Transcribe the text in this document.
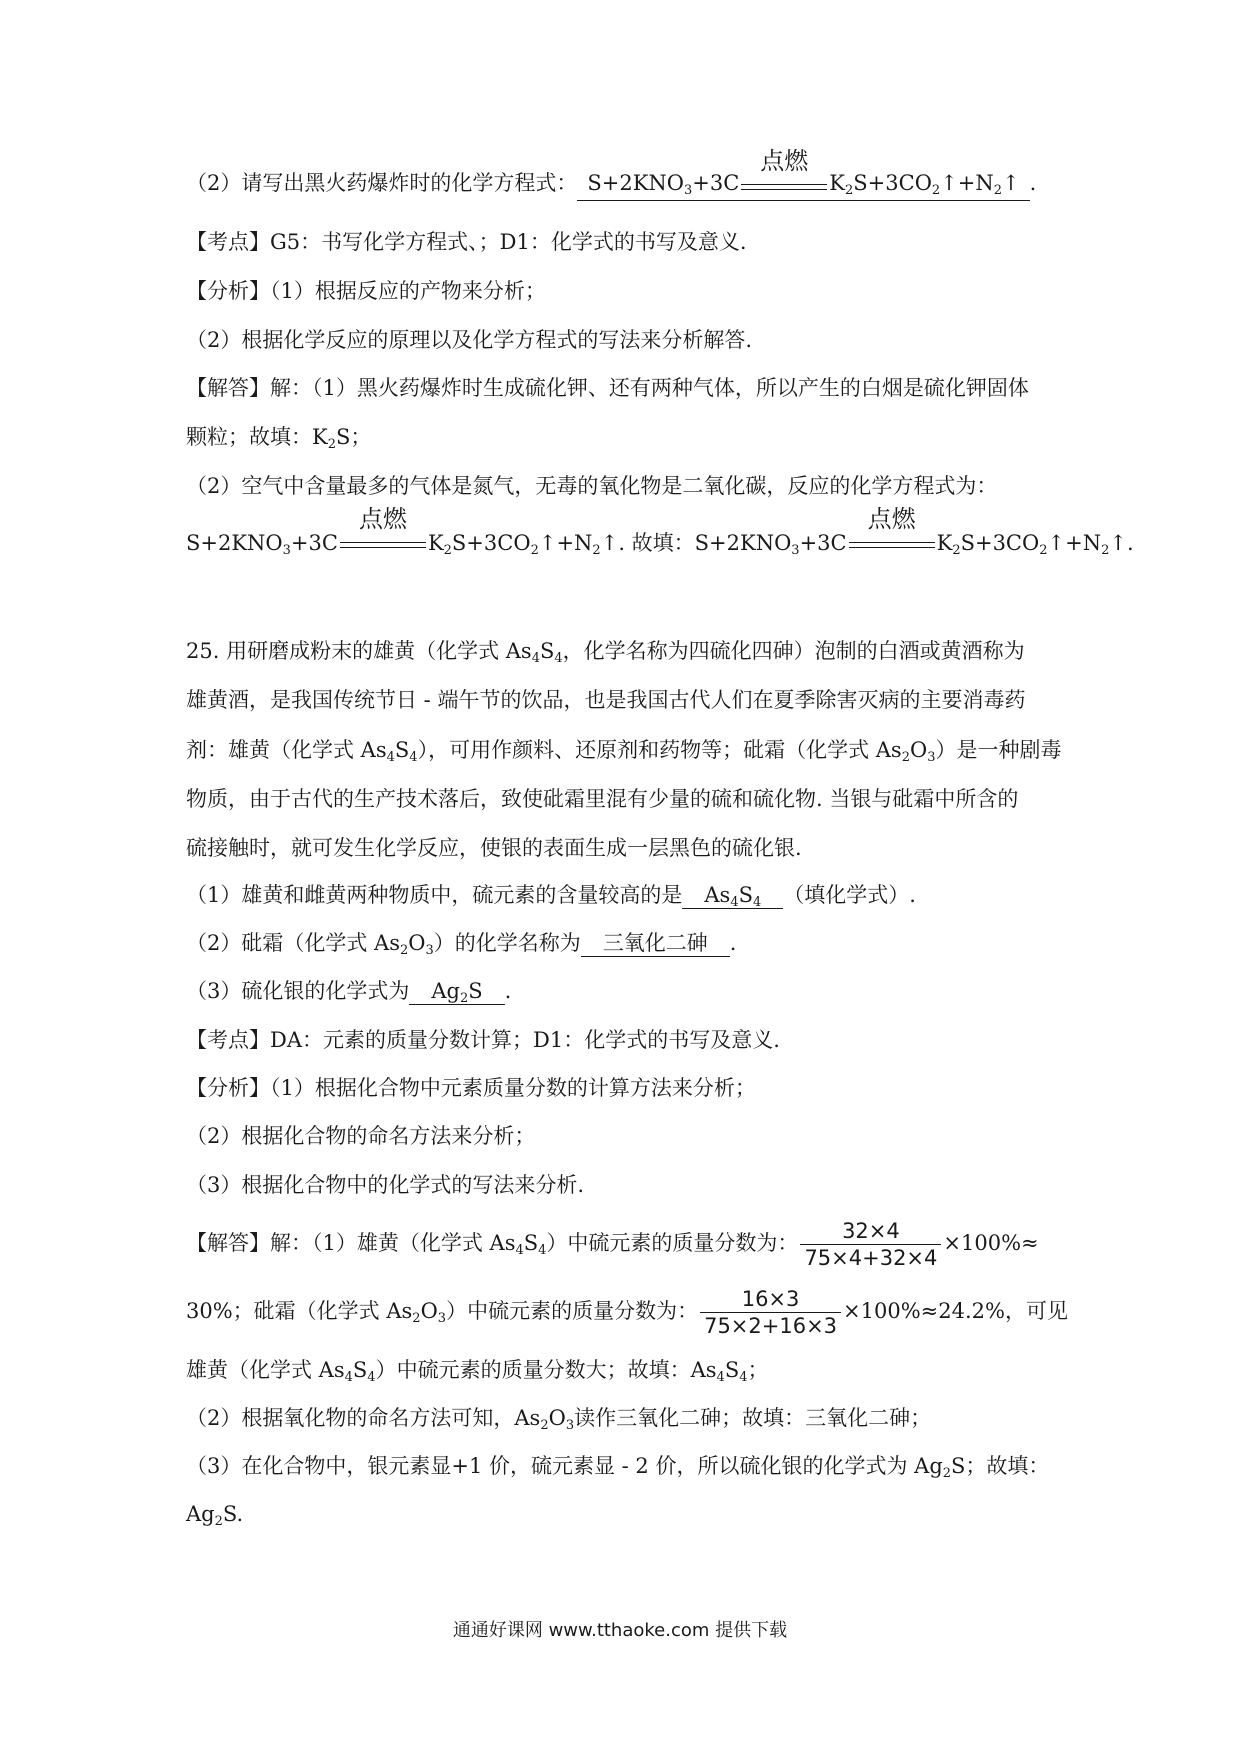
（2）请写出黑火药爆炸时的化学方程式： $S+2KNO_3+3C$
点燃
$K_2S+3CO_2↑+N_2↑$ .
【考点】G5：书写化学方程式、；D1：化学式的书写及意义.
【分析】（1）根据反应的产物来分析；
（2）根据化学反应的原理以及化学方程式的写法来分析解答.
【解答】解：（1）黑火药爆炸时生成硫化钾、还有两种气体，所以产生的白烟是硫化钾固体
颗粒；故填：$K_2S$；
（2）空气中含量最多的气体是氮气，无毒的氧化物是二氧化碳，反应的化学方程式为：
$S+2KNO_3+3C$
点燃
$K_2S+3CO_2↑+N_2↑$. 故填：$S+2KNO_3+3C$
点燃
$K_2S+3CO_2↑+N_2↑$.
25. 用研磨成粉末的雄黄（化学式 $As_4S_4$，化学名称为四硫化四砷）泡制的白酒或黄酒称为
雄黄酒，是我国传统节日 - 端午节的饮品，也是我国古代人们在夏季除害灭病的主要消毒药
剂：雄黄（化学式 $As_4S_4$），可用作颜料、还原剂和药物等；砒霜（化学式 $As_2O_3$）是一种剧毒
物质，由于古代的生产技术落后，致使砒霜里混有少量的硫和硫化物. 当银与砒霜中所含的
硫接触时，就可发生化学反应，使银的表面生成一层黑色的硫化银.
（1）雄黄和雌黄两种物质中，硫元素的含量较高的是 $As_4S_4$ （填化学式）.
（2）砒霜（化学式 $As_2O_3$）的化学名称为 三氧化二砷 .
（3）硫化银的化学式为 $Ag_2S$ .
【考点】DA：元素的质量分数计算；D1：化学式的书写及意义.
【分析】（1）根据化合物中元素质量分数的计算方法来分析；
（2）根据化合物的命名方法来分析；
（3）根据化合物中的化学式的写法来分析.
【解答】解：（1）雄黄（化学式 $As_4S_4$）中硫元素的质量分数为： $\frac{32\times 4}{75\times 4+32\times 4} \times 100\%\approx$
30%；砒霜（化学式 $As_2O_3$）中硫元素的质量分数为： $\frac{16\times 3}{75\times 2+16\times 3} \times 100\%\approx 24.2\%$，可见
雄黄（化学式 $As_4S_4$）中硫元素的质量分数大；故填：$As_4S_4$；
（2）根据氧化物的命名方法可知，$As_2O_3$读作三氧化二砷；故填：三氧化二砷；
（3）在化合物中，银元素显+1 价，硫元素显 - 2 价，所以硫化银的化学式为 $Ag_2S$；故填：
$Ag_2S$.
通通好课网 www.tthaoke.com 提供下载
